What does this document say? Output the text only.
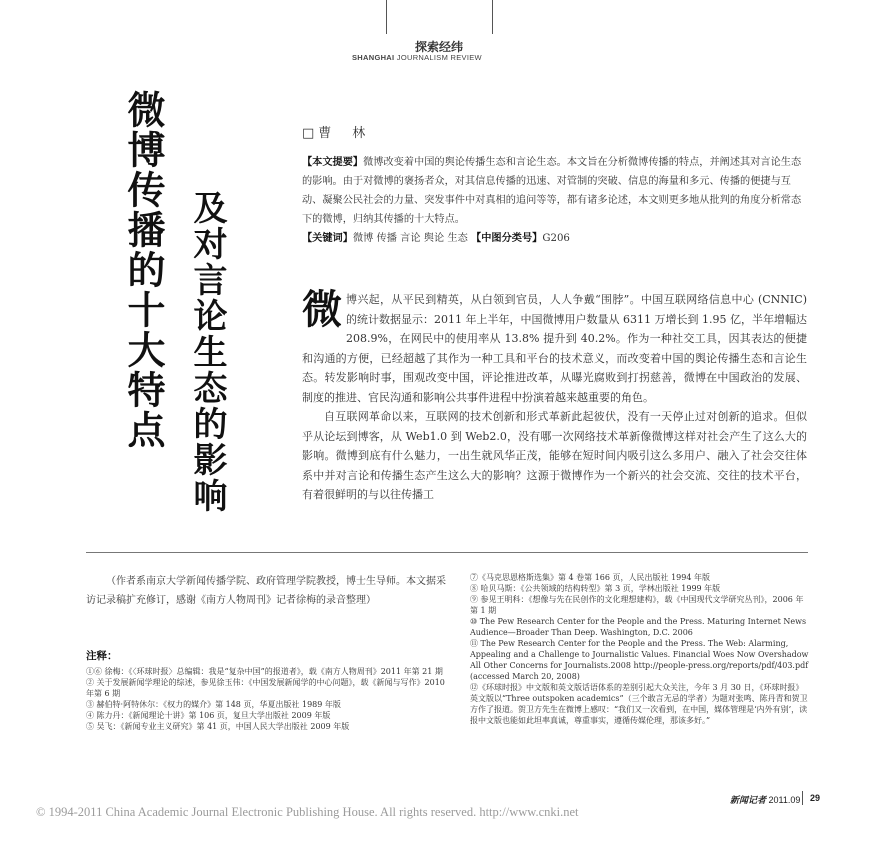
探索经纬
SHANGHAI JOURNALISM REVIEW
微博传播的十大特点 及对言论生态的影响
□曹　林
【本文提要】微博改变着中国的舆论传播生态和言论生态。本文旨在分析微博传播的特点，并阐述其对言论生态的影响。由于对微博的褒扬者众，对其信息传播的迅速、对管制的突破、信息的海量和多元、传播的便捷与互动、凝聚公民社会的力量、突发事件中对真相的追问等等，都有诸多论述，本文则更多地从批判的角度分析常态下的微博，归纳其传播的十大特点。
【关键词】微博 传播 言论 舆论 生态 【中图分类号】G206

微博兴起，从平民到精英，从白领到官员，人人争戴“围脖”。中国互联网络信息中心 (CNNIC) 的统计数据显示：2011 年上半年，中国微博用户数量从 6311 万增长到 1.95 亿，半年增幅达 208.9%，在网民中的使用率从 13.8% 提升到 40.2%。作为一种社交工具，因其表达的便捷和沟通的方便，已经超越了其作为一种工具和平台的技术意义，而改变着中国的舆论传播生态和言论生态。转发影响时事，围观改变中国，评论推进改革，从曝光腐败到打拐慈善，微博在中国政治的发展、制度的推进、官民沟通和影响公共事件进程中扮演着越来越重要的角色。

自互联网革命以来，互联网的技术创新和形式革新此起彼伏，没有一天停止过对创新的追求。但似乎从论坛到博客，从 Web1.0 到 Web2.0，没有哪一次网络技术革新像微博这样对社会产生了这么大的影响。微博到底有什么魅力，一出生就风华正茂，能够在短时间内吸引这么多用户、融入了社会交往体系中并对言论和传播生态产生这么大的影响？这源于微博作为一个新兴的社会交流、交往的技术平台，有着很鲜明的与以往传播工

（作者系南京大学新闻传播学院、政府管理学院教授，博士生导师。本文据采访记录稿扩充修订，感谢《南方人物周刊》记者徐梅的录音整理）
注释：
①⑥ 徐梅：《〈环球时报〉总编辑：我是“复杂中国”的报道者》，载《南方人物周刊》2011 年第 21 期
② 关于发展新闻学理论的综述，参见徐玉伟：《中国发展新闻学的中心问题》，载《新闻与写作》2010 年第 6 期
③ 赫伯特·阿特休尔：《权力的媒介》第 148 页，华夏出版社 1989 年版
④ 陈力丹：《新闻理论十讲》第 106 页，复旦大学出版社 2009 年版
⑤ 吴飞：《新闻专业主义研究》第 41 页，中国人民大学出版社 2009 年版
⑦《马克思恩格斯选集》第 4 卷第 166 页，人民出版社 1994 年版
⑧ 哈贝马斯：《公共领域的结构转型》第 3 页，学林出版社 1999 年版
⑨ 参见王明科：《想像与先在民创作的文化理想建构》，载《中国现代文学研究丛刊》，2006 年第 1 期
⑩ The Pew Research Center for the People and the Press. Maturing Internet News Audience—Broader Than Deep. Washington, D.C. 2006
⑪ The Pew Research Center for the People and the Press. The Web: Alarming, Appealing and a Challenge to Journalistic Values. Financial Woes Now Overshadow All Other Concerns for Journalists.2008 http://people-press.org/reports/pdf/403.pdf (accessed March 20, 2008)
⑫《环球时报》中文版和英文版话语体系的差别引起大众关注，今年 3 月 30 日，《环球时报》英文版以“Three outspoken academics”（三个敢言无忌的学者）为题对张鸣、陈丹青和贺卫方作了报道。贺卫方先生在微博上感叹：“我们又一次看到，在中国，媒体管理是‘内外有别’，读报中文版也能如此坦率真诚，尊重事实，遵循传媒伦理，那该多好。”
新闻记者 2011.09 29
© 1994-2011 China Academic Journal Electronic Publishing House. All rights reserved. http://www.cnki.net
